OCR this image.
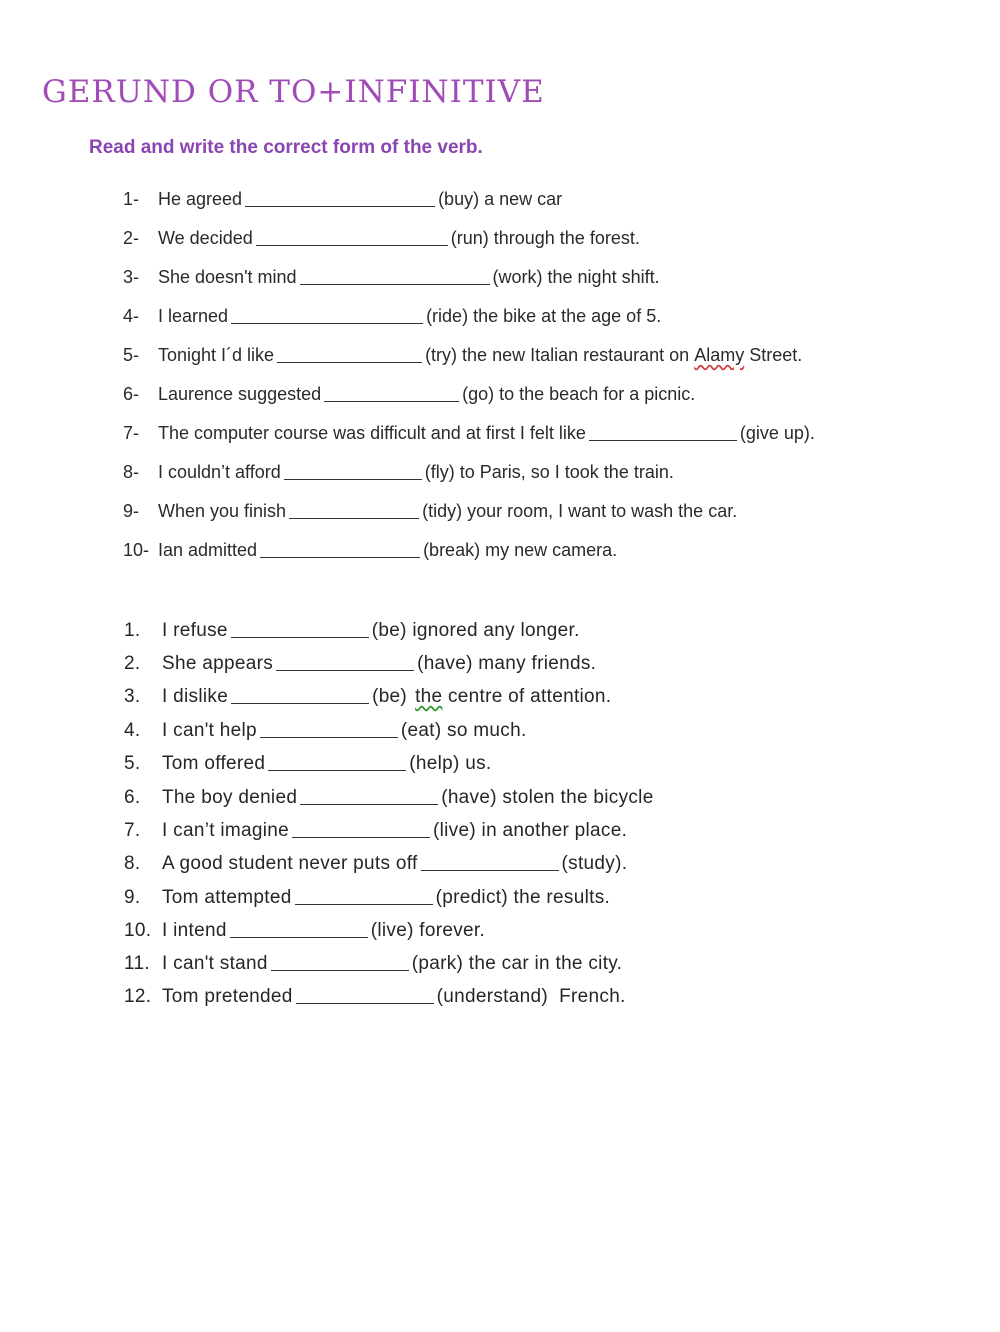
GERUND OR TO+INFINITIVE

Read and write the correct form of the verb.

1-	He agreed	(buy) a new car
2-	We decided	(run) through the forest.
3-	She doesn't mind	(work) the night shift.
4-	I learned	(ride) the bike at the age of 5.
5-	Tonight I´d like	(try) the new Italian restaurant on Alamy Street.
6-	Laurence suggested	(go) to the beach for a picnic.
7-	The computer course was difficult and at first I felt like	(give up).
8-	I couldn’t afford	(fly) to Paris, so I took the train.
9-	When you finish	(tidy) your room, I want to wash the car.
10- Ian admitted	(break) my new camera.
1.	I refuse	(be) ignored any longer.
2.	She appears	(have) many friends.
3.	I dislike	(be) the centre of attention.
4.	I can't help	(eat) so much.
5.	Tom offered	(help) us.
6.	The boy denied	(have) stolen the bicycle
7.	I can’t imagine	(live) in another place.
8.	A good student never puts off	(study).
9.	Tom attempted	(predict) the results.
10. I intend	(live) forever.
11. I can't stand	(park) the car in the city.
12. Tom pretended	(understand)  French.
